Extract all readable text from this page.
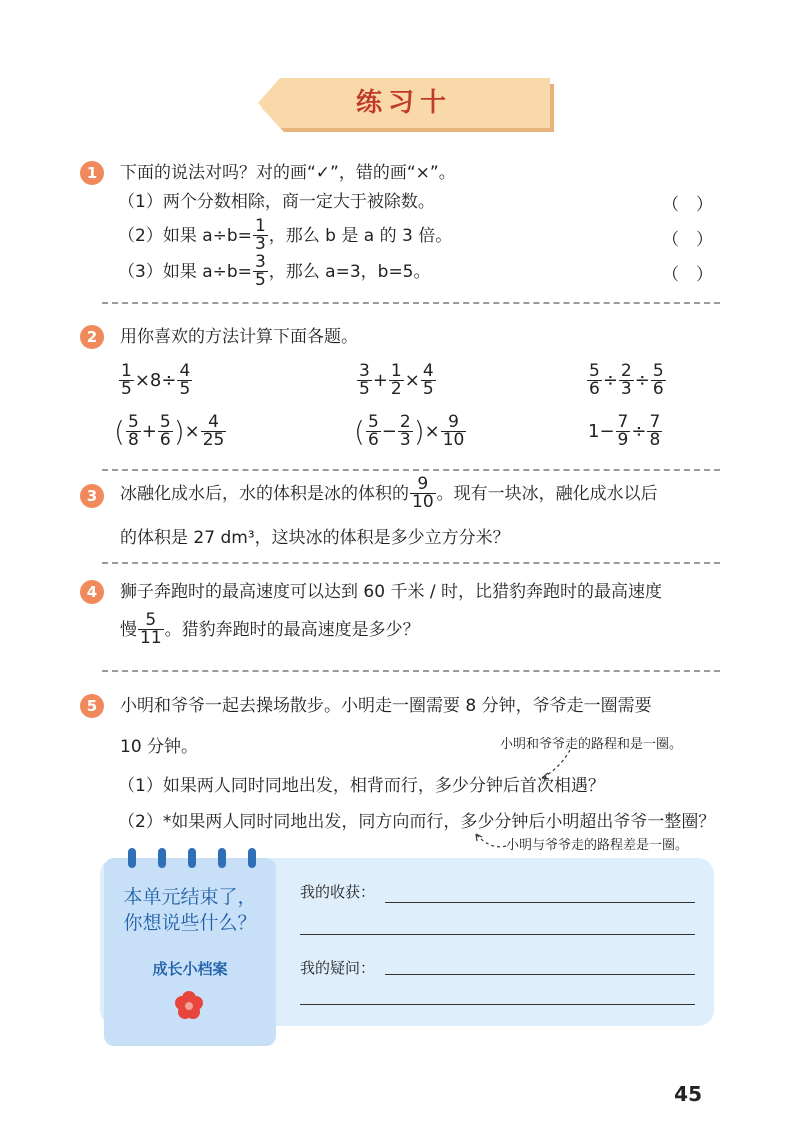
练习十
1	下面的说法对吗？对的画“✓”，错的画“×”。
（1）两个分数相除，商一定大于被除数。	（　）
（2） 如果 $a\div b= \frac{1}{3}$ ，那么 b 是 a 的 3 倍。	（　）
（3） 如果 $a\div b= \frac{3}{5}$ ，那么 a=3，b=5。	（　）
2	用你喜欢的方法计算下面各题。
$\frac{1}{5} \times 8\div \frac{4}{5}$	$\frac{3}{5} + \frac{1}{2} \times \frac{4}{5}$	$\frac{5}{6} \div \frac{2}{3} \div \frac{5}{6}$
( $\frac{5}{8} + \frac{5}{6}$ ) × $\frac{4}{25}$	( $\frac{5}{6} - \frac{2}{3}$ ) × $\frac{9}{10}$	$1- \frac{7}{9} \div \frac{7}{8}$
3	冰融化成水后，水的体积是冰的体积的 $\frac{9}{10}$ 。现有一块冰，融化成水以后
的体积是 27 dm³，这块冰的体积是多少立方分米？
4	狮子奔跑时的最高速度可以达到 60 千米 / 时，比猎豹奔跑时的最高速度
慢 $\frac{5}{11}$ 。猎豹奔跑时的最高速度是多少？
5	小明和爷爷一起去操场散步。小明走一圈需要 8 分钟，爷爷走一圈需要
10 分钟。	小明和爷爷走的路程和是一圈。
（1）如果两人同时同地出发，相背而行，多少分钟后首次相遇？
（2）*如果两人同时同地出发，同方向而行，多少分钟后小明超出爷爷一整圈？
小明与爷爷走的路程差是一圈。
本单元结束了，
你想说些什么？
成长小档案
我的收获：
我的疑问：
45
